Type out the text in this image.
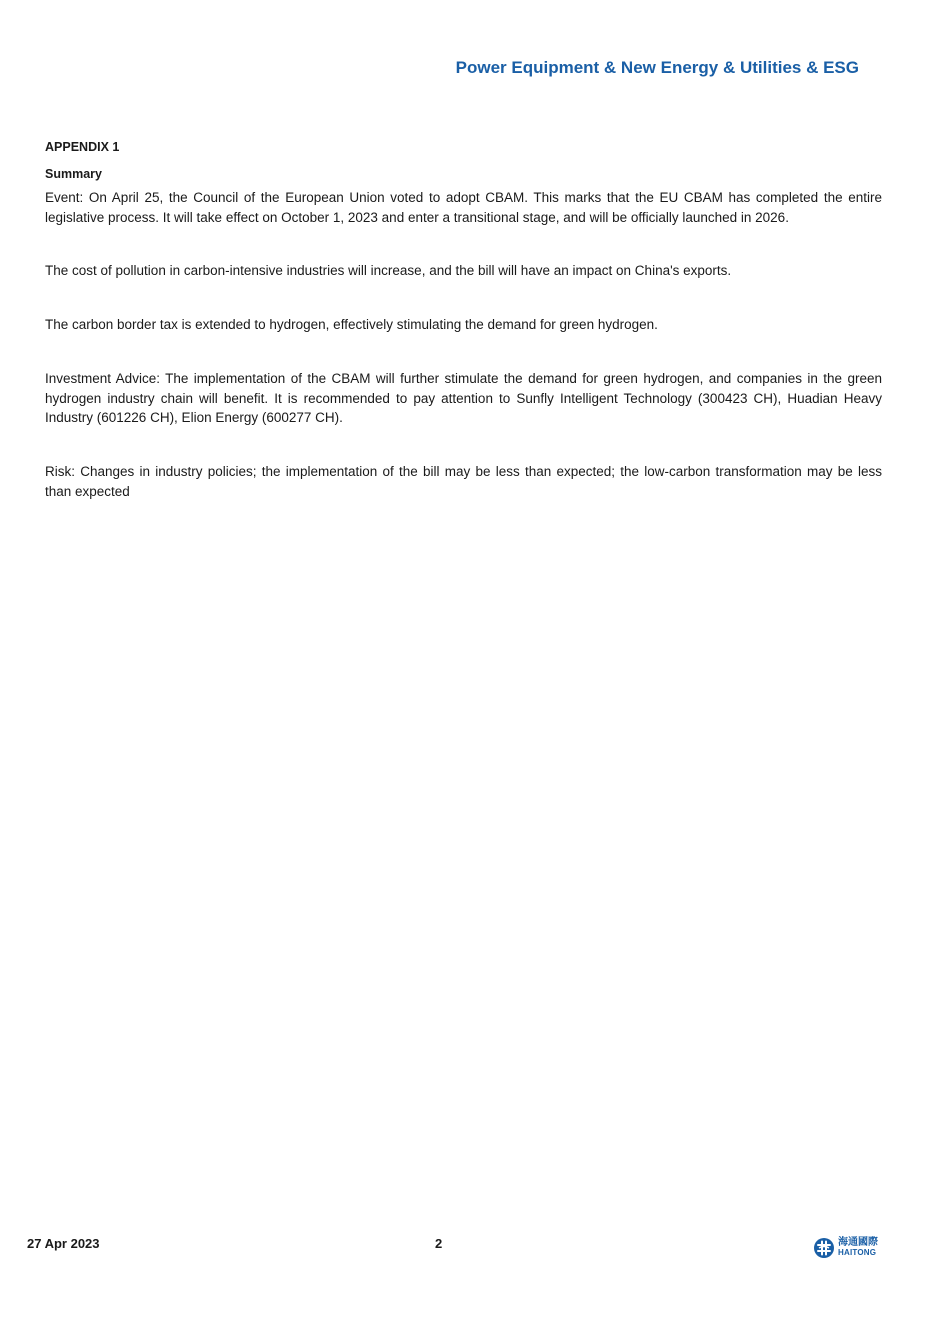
Power Equipment & New Energy & Utilities & ESG
APPENDIX 1
Summary

Event: On April 25, the Council of the European Union voted to adopt CBAM. This marks that the EU CBAM has completed the entire legislative process. It will take effect on October 1, 2023 and enter a transitional stage, and will be officially launched in 2026.

The cost of pollution in carbon-intensive industries will increase, and the bill will have an impact on China's exports.

The carbon border tax is extended to hydrogen, effectively stimulating the demand for green hydrogen.

Investment Advice: The implementation of the CBAM will further stimulate the demand for green hydrogen, and companies in the green hydrogen industry chain will benefit. It is recommended to pay attention to Sunfly Intelligent Technology (300423 CH), Huadian Heavy Industry (601226 CH), Elion Energy (600277 CH).

Risk: Changes in industry policies; the implementation of the bill may be less than expected; the low-carbon transformation may be less than expected

27 Apr 2023	2	海通國際
HAITONG
